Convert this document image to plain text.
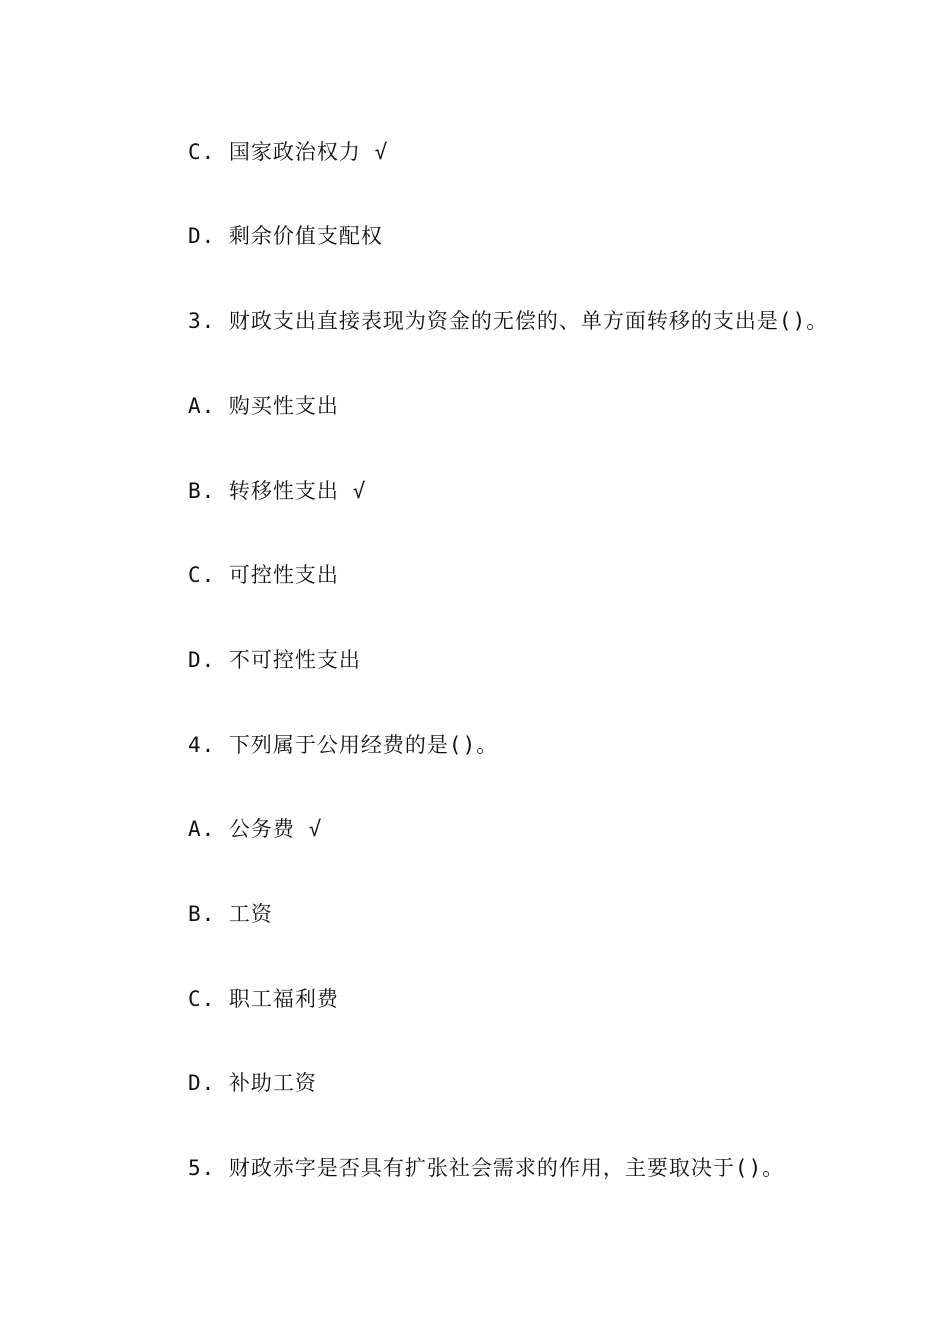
C. 国家政治权力 √
D. 剩余价值支配权
3. 财政支出直接表现为资金的无偿的、单方面转移的支出是()。
A. 购买性支出
B. 转移性支出 √
C. 可控性支出
D. 不可控性支出
4. 下列属于公用经费的是()。
A. 公务费 √
B. 工资
C. 职工福利费
D. 补助工资
5. 财政赤字是否具有扩张社会需求的作用，主要取决于()。
